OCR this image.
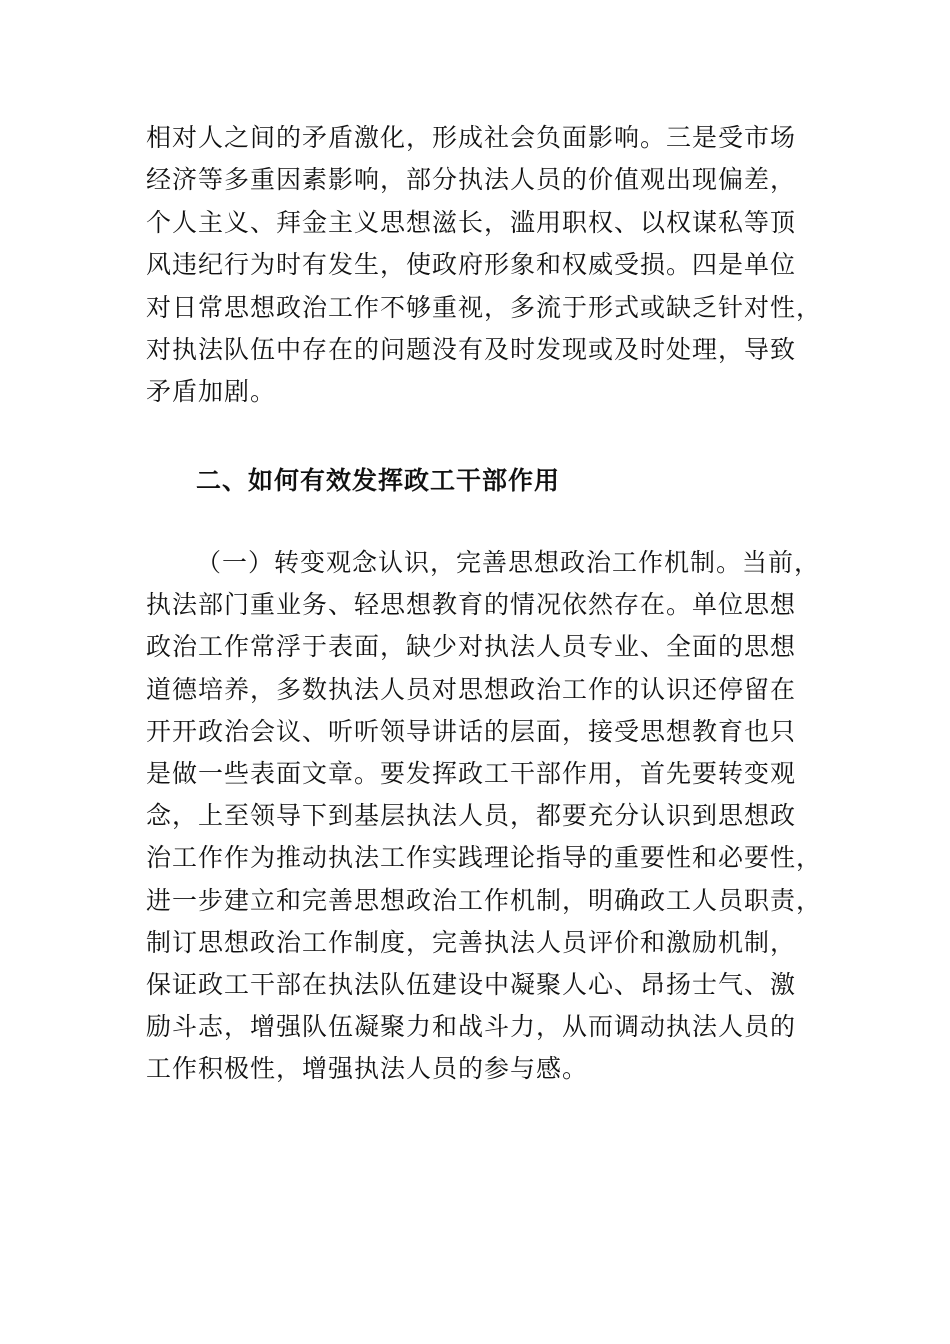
相对人之间的矛盾激化，形成社会负面影响。三是受市场
经济等多重因素影响，部分执法人员的价值观出现偏差，
个人主义、拜金主义思想滋长，滥用职权、以权谋私等顶
风违纪行为时有发生，使政府形象和权威受损。四是单位
对日常思想政治工作不够重视，多流于形式或缺乏针对性，
对执法队伍中存在的问题没有及时发现或及时处理，导致
矛盾加剧。
二、如何有效发挥政工干部作用
（一）转变观念认识，完善思想政治工作机制。当前，
执法部门重业务、轻思想教育的情况依然存在。单位思想
政治工作常浮于表面，缺少对执法人员专业、全面的思想
道德培养，多数执法人员对思想政治工作的认识还停留在
开开政治会议、听听领导讲话的层面，接受思想教育也只
是做一些表面文章。要发挥政工干部作用，首先要转变观
念，上至领导下到基层执法人员，都要充分认识到思想政
治工作作为推动执法工作实践理论指导的重要性和必要性，
进一步建立和完善思想政治工作机制，明确政工人员职责，
制订思想政治工作制度，完善执法人员评价和激励机制，
保证政工干部在执法队伍建设中凝聚人心、昂扬士气、激
励斗志，增强队伍凝聚力和战斗力，从而调动执法人员的
工作积极性，增强执法人员的参与感。
